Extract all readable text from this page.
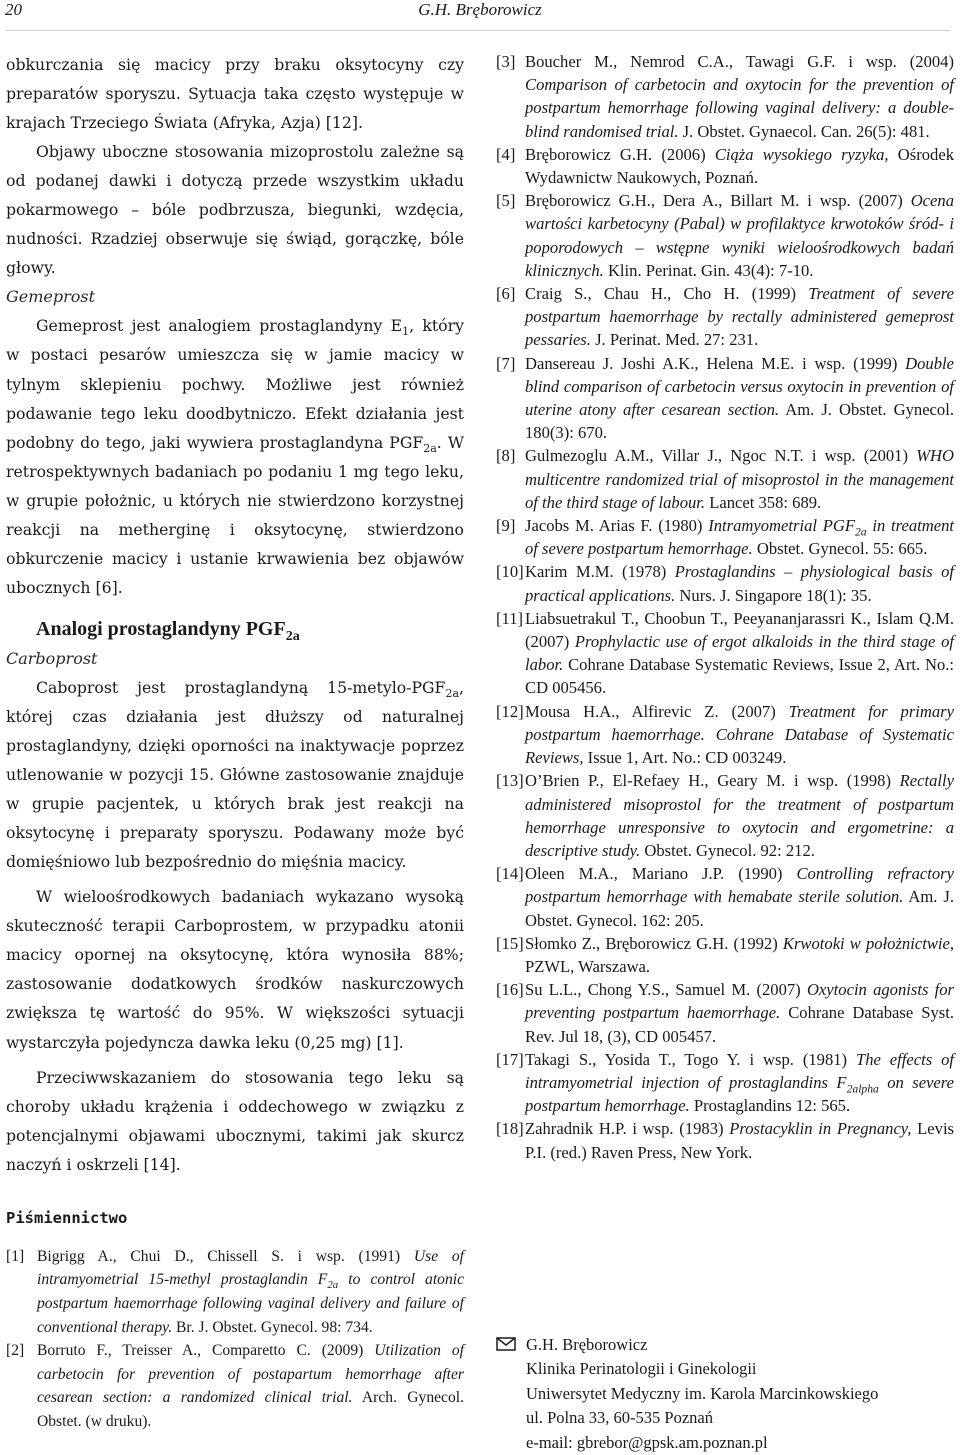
20	G.H. Bręborowicz

obkurczania się macicy przy braku oksytocyny czy preparatów sporyszu. Sytuacja taka często występuje w krajach Trzeciego Świata (Afryka, Azja) [12].

Objawy uboczne stosowania mizoprostolu zależne są od podanej dawki i dotyczą przede wszystkim układu pokarmowego – bóle podbrzusza, biegunki, wzdęcia, nudności. Rzadziej obserwuje się świąd, gorączkę, bóle głowy.

Gemeprost

Gemeprost jest analogiem prostaglandyny $E_1$, który w postaci pesarów umieszcza się w jamie macicy w tylnym sklepieniu pochwy. Możliwe jest również podawanie tego leku doodbytniczo. Efekt działania jest podobny do tego, jaki wywiera prostaglandyna $PGF_{2a}$. W retrospektywnych badaniach po podaniu 1 mg tego leku, w grupie położnic, u których nie stwierdzono korzystnej reakcji na metherginę i oksytocynę, stwierdzono obkurczenie macicy i ustanie krwawienia bez objawów ubocznych [6].

Analogi prostaglandyny $PGF_{2a}$

Carboprost

Caboprost jest prostaglandyną $15-metylo-PGF_{2a}$, której czas działania jest dłuższy od naturalnej prostaglandyny, dzięki oporności na inaktywacje poprzez utlenowanie w pozycji 15. Główne zastosowanie znajduje w grupie pacjentek, u których brak jest reakcji na oksytocynę i preparaty sporyszu. Podawany może być domięśniowo lub bezpośrednio do mięśnia macicy.

W wieloośrodkowych badaniach wykazano wysoką skuteczność terapii Carboprostem, w przypadku atonii macicy opornej na oksytocynę, która wynosiła 88%; zastosowanie dodatkowych środków naskurczowych zwiększa tę wartość do 95%. W większości sytuacji wystarczyła pojedyncza dawka leku (0,25 mg) [1].

Przeciwwskazaniem do stosowania tego leku są choroby układu krążenia i oddechowego w związku z potencjalnymi objawami ubocznymi, takimi jak skurcz naczyń i oskrzeli [14].

Piśmiennictwo

[1] Bigrigg A., Chui D., Chissell S. i wsp. (1991) Use of intramyometrial 15-methyl prostaglandin $F_{2a}$ to control atonic postpartum haemorrhage following vaginal delivery and failure of conventional therapy. Br. J. Obstet. Gynecol. 98: 734.
[2] Borruto F., Treisser A., Comparetto C. (2009) Utilization of carbetocin for prevention of postapartum hemorrhage after cesarean section: a randomized clinical trial. Arch. Gynecol. Obstet. (w druku).
[3] Boucher M., Nemrod C.A., Tawagi G.F. i wsp. (2004) Comparison of carbetocin and oxytocin for the prevention of postpartum hemorrhage following vaginal delivery: a double-blind randomised trial. J. Obstet. Gynaecol. Can. 26(5): 481.
[4] Bręborowicz G.H. (2006) Ciąża wysokiego ryzyka, Ośrodek Wydawnictw Naukowych, Poznań.
[5] Bręborowicz G.H., Dera A., Billart M. i wsp. (2007) Ocena wartości karbetocyny (Pabal) w profilaktyce krwotoków śród- i poporodowych – wstępne wyniki wieloośrodkowych badań klinicznych. Klin. Perinat. Gin. 43(4): 7-10.
[6] Craig S., Chau H., Cho H. (1999) Treatment of severe postpartum haemorrhage by rectally administered gemeprost pessaries. J. Perinat. Med. 27: 231.
[7] Dansereau J. Joshi A.K., Helena M.E. i wsp. (1999) Double blind comparison of carbetocin versus oxytocin in prevention of uterine atony after cesarean section. Am. J. Obstet. Gynecol. 180(3): 670.
[8] Gulmezoglu A.M., Villar J., Ngoc N.T. i wsp. (2001) WHO multicentre randomized trial of misoprostol in the management of the third stage of labour. Lancet 358: 689.
[9] Jacobs M. Arias F. (1980) Intramyometrial $PGF_{2a}$ in treatment of severe postpartum hemorrhage. Obstet. Gynecol. 55: 665.
[10] Karim M.M. (1978) Prostaglandins – physiological basis of practical applications. Nurs. J. Singapore 18(1): 35.
[11] Liabsuetrakul T., Choobun T., Peeyananjarassri K., Islam Q.M. (2007) Prophylactic use of ergot alkaloids in the third stage of labor. Cohrane Database Systematic Reviews, Issue 2, Art. No.: CD 005456.
[12] Mousa H.A., Alfirevic Z. (2007) Treatment for primary postpartum haemorrhage. Cohrane Database of Systematic Reviews, Issue 1, Art. No.: CD 003249.
[13] O’Brien P., El-Refaey H., Geary M. i wsp. (1998) Rectally administered misoprostol for the treatment of postpartum hemorrhage unresponsive to oxytocin and ergometrine: a descriptive study. Obstet. Gynecol. 92: 212.
[14] Oleen M.A., Mariano J.P. (1990) Controlling refractory postpartum hemorrhage with hemabate sterile solution. Am. J. Obstet. Gynecol. 162: 205.
[15] Słomko Z., Bręborowicz G.H. (1992) Krwotoki w położnictwie, PZWL, Warszawa.
[16] Su L.L., Chong Y.S., Samuel M. (2007) Oxytocin agonists for preventing postpartum haemorrhage. Cohrane Database Syst. Rev. Jul 18, (3), CD 005457.
[17] Takagi S., Yosida T., Togo Y. i wsp. (1981) The effects of intramyometrial injection of prostaglandins $F_{2alpha}$ on severe postpartum hemorrhage. Prostaglandins 12: 565.
[18] Zahradnik H.P. i wsp. (1983) Prostacyklin in Pregnancy, Levis P.I. (red.) Raven Press, New York.
G.H. Bręborowicz
Klinika Perinatologii i Ginekologii
Uniwersytet Medyczny im. Karola Marcinkowskiego
ul. Polna 33, 60-535 Poznań
e-mail: gbrebor@gpsk.am.poznan.pl
